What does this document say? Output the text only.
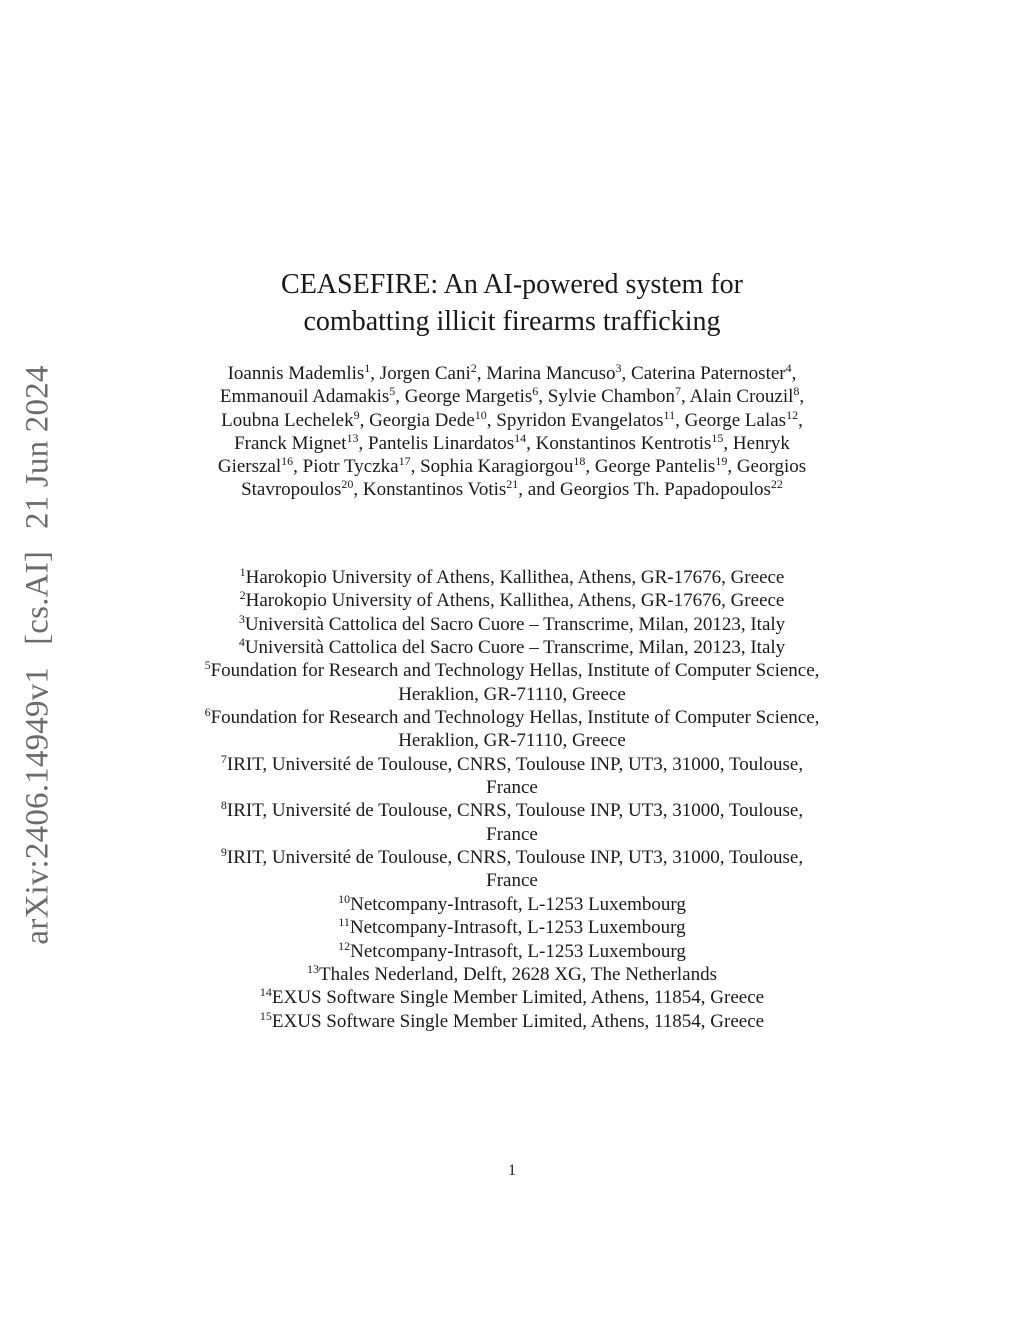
arXiv:2406.14949v1[cs.AI]21 Jun 2024
CEASEFIRE: An AI-powered system for
combatting illicit firearms trafficking
Ioannis Mademlis$^1$, Jorgen Cani$^2$, Marina Mancuso$^3$, Caterina Paternoster$^4$, Emmanouil Adamakis$^5$, George Margetis$^6$, Sylvie Chambon$^7$, Alain Crouzil$^8$, Loubna Lechelek$^9$, Georgia Dede$^{10}$, Spyridon Evangelatos$^{11}$, George Lalas$^{12}$, Franck Mignet$^{13}$, Pantelis Linardatos$^{14}$, Konstantinos Kentrotis$^{15}$, Henryk Gierszal$^{16}$, Piotr Tyczka$^{17}$, Sophia Karagiorgou$^{18}$, George Pantelis$^{19}$, Georgios Stavropoulos$^{20}$, Konstantinos Votis$^{21}$, and Georgios Th. Papadopoulos$^{22}$
$^1$Harokopio University of Athens, Kallithea, Athens, GR-17676, Greece
$^2$Harokopio University of Athens, Kallithea, Athens, GR-17676, Greece
$^3$Università Cattolica del Sacro Cuore – Transcrime, Milan, 20123, Italy
$^4$Università Cattolica del Sacro Cuore – Transcrime, Milan, 20123, Italy
$^5$Foundation for Research and Technology Hellas, Institute of Computer Science, Heraklion, GR-71110, Greece
$^6$Foundation for Research and Technology Hellas, Institute of Computer Science, Heraklion, GR-71110, Greece
$^7$IRIT, Université de Toulouse, CNRS, Toulouse INP, UT3, 31000, Toulouse, France
$^8$IRIT, Université de Toulouse, CNRS, Toulouse INP, UT3, 31000, Toulouse, France
$^9$IRIT, Université de Toulouse, CNRS, Toulouse INP, UT3, 31000, Toulouse, France
$^{10}$Netcompany-Intrasoft, L-1253 Luxembourg
$^{11}$Netcompany-Intrasoft, L-1253 Luxembourg
$^{12}$Netcompany-Intrasoft, L-1253 Luxembourg
$^{13}$Thales Nederland, Delft, 2628 XG, The Netherlands
$^{14}$EXUS Software Single Member Limited, Athens, 11854, Greece
$^{15}$EXUS Software Single Member Limited, Athens, 11854, Greece
1
